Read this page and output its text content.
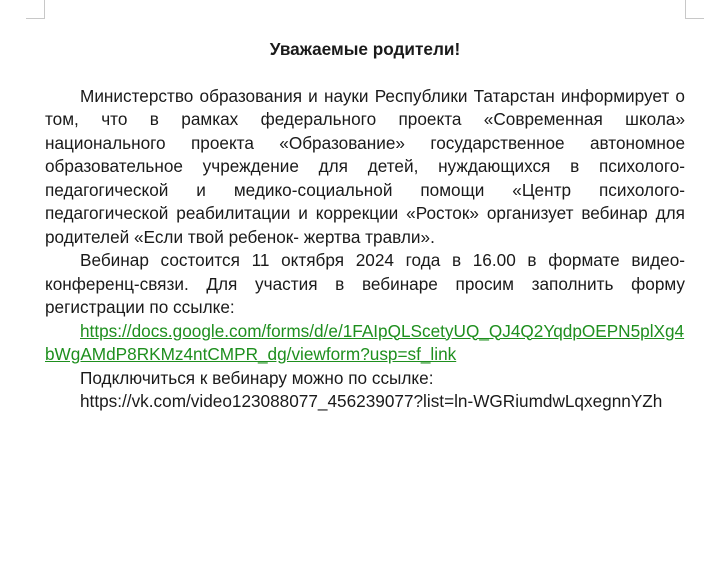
Уважаемые родители!

Министерство образования и науки Республики Татарстан информирует о том, что в рамках федерального проекта «Современная школа» национального проекта «Образование» государственное автономное образовательное учреждение для детей, нуждающихся в психолого-педагогической и медико-социальной помощи «Центр психолого-педагогической реабилитации и коррекции «Росток» организует вебинар для родителей «Если твой ребенок- жертва травли».

Вебинар состоится 11 октября 2024 года в 16.00 в формате видео-конференц-связи. Для участия в вебинаре просим заполнить форму регистрации по ссылке:

https://docs.google.com/forms/d/e/1FAIpQLScetyUQ_QJ4Q2YqdpOEPN5plXg4bWgAMdP8RKMz4ntCMPR_dg/viewform?usp=sf_link

Подключиться к вебинару можно по ссылке:

https://vk.com/video123088077_456239077?list=ln-WGRiumdwLqxegnnYZh
